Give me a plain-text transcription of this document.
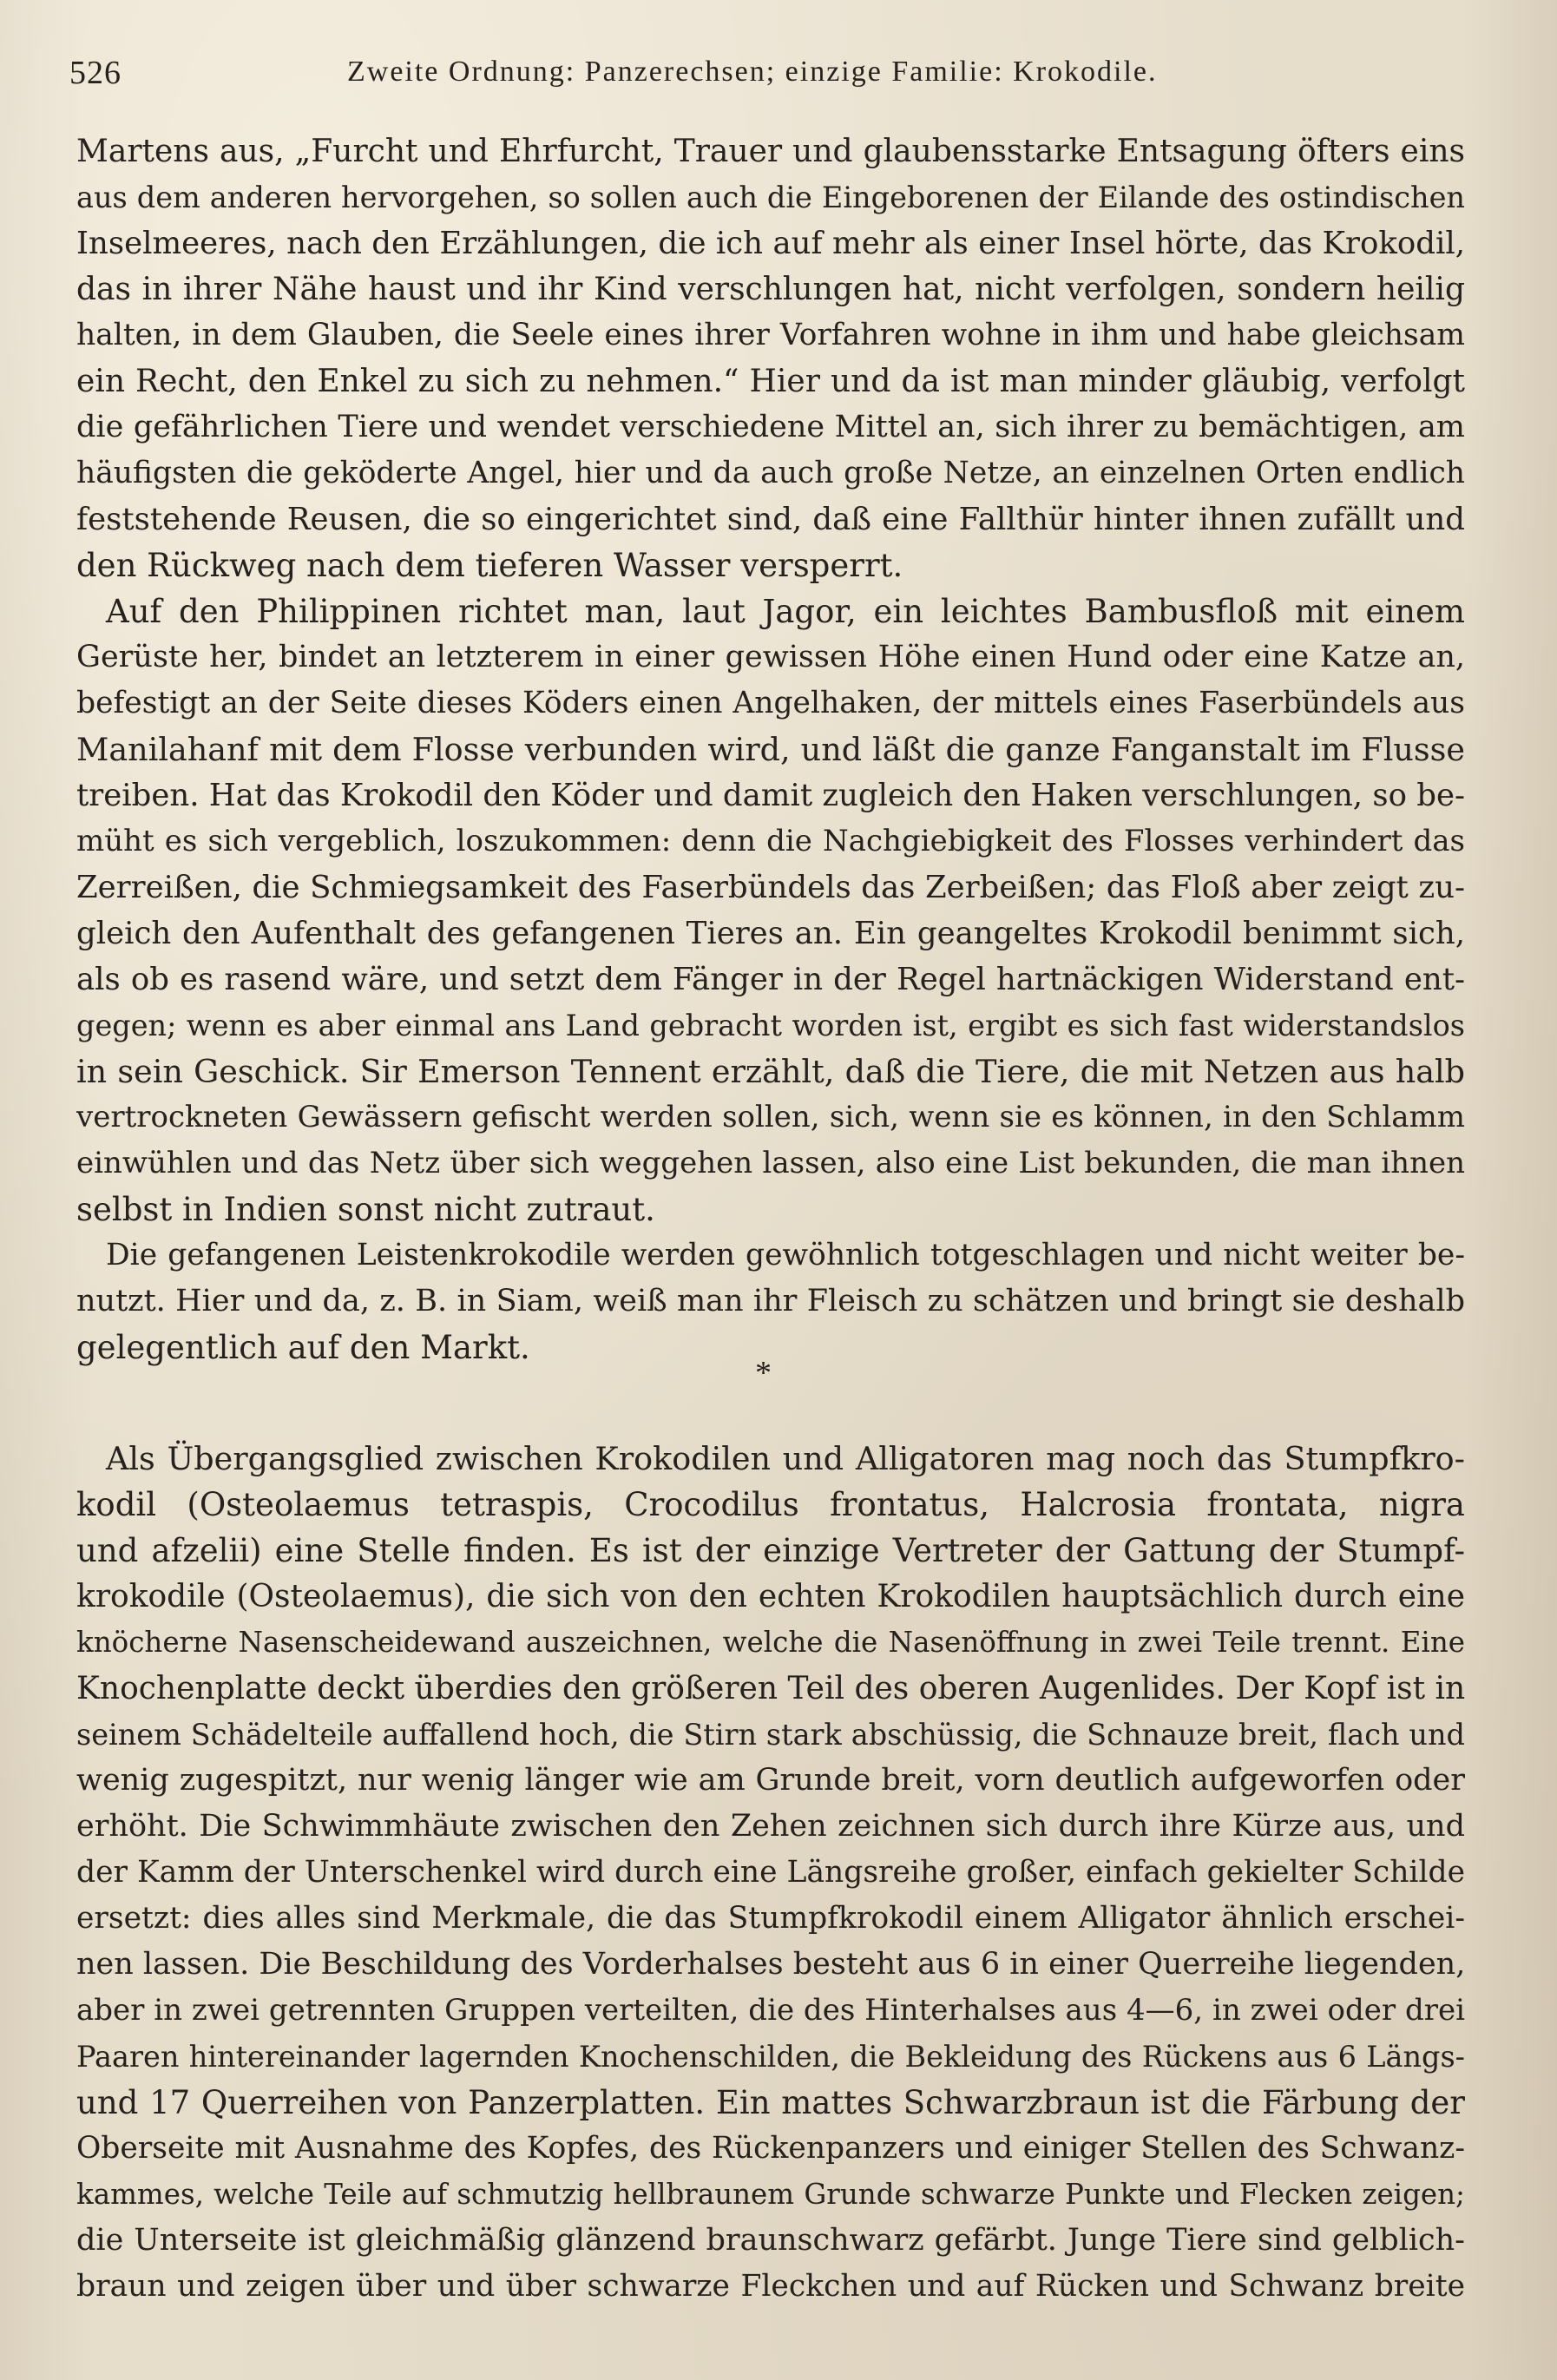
526	Zweite Ordnung: Panzerechsen; einzige Familie: Krokodile.
Martens aus, „Furcht und Ehrfurcht, Trauer und glaubensstarke Entsagung öfters eins
aus dem anderen hervorgehen, so sollen auch die Eingeborenen der Eilande des ostindischen
Inselmeeres, nach den Erzählungen, die ich auf mehr als einer Insel hörte, das Krokodil,
das in ihrer Nähe haust und ihr Kind verschlungen hat, nicht verfolgen, sondern heilig
halten, in dem Glauben, die Seele eines ihrer Vorfahren wohne in ihm und habe gleichsam
ein Recht, den Enkel zu sich zu nehmen.“ Hier und da ist man minder gläubig, verfolgt
die gefährlichen Tiere und wendet verschiedene Mittel an, sich ihrer zu bemächtigen, am
häufigsten die geköderte Angel, hier und da auch große Netze, an einzelnen Orten endlich
feststehende Reusen, die so eingerichtet sind, daß eine Fallthür hinter ihnen zufällt und
den Rückweg nach dem tieferen Wasser versperrt.
Auf den Philippinen richtet man, laut Jagor, ein leichtes Bambusfloß mit einem
Gerüste her, bindet an letzterem in einer gewissen Höhe einen Hund oder eine Katze an,
befestigt an der Seite dieses Köders einen Angelhaken, der mittels eines Faserbündels aus
Manilahanf mit dem Flosse verbunden wird, und läßt die ganze Fanganstalt im Flusse
treiben. Hat das Krokodil den Köder und damit zugleich den Haken verschlungen, so be-
müht es sich vergeblich, loszukommen: denn die Nachgiebigkeit des Flosses verhindert das
Zerreißen, die Schmiegsamkeit des Faserbündels das Zerbeißen; das Floß aber zeigt zu-
gleich den Aufenthalt des gefangenen Tieres an. Ein geangeltes Krokodil benimmt sich,
als ob es rasend wäre, und setzt dem Fänger in der Regel hartnäckigen Widerstand ent-
gegen; wenn es aber einmal ans Land gebracht worden ist, ergibt es sich fast widerstandslos
in sein Geschick. Sir Emerson Tennent erzählt, daß die Tiere, die mit Netzen aus halb
vertrockneten Gewässern gefischt werden sollen, sich, wenn sie es können, in den Schlamm
einwühlen und das Netz über sich weggehen lassen, also eine List bekunden, die man ihnen
selbst in Indien sonst nicht zutraut.
Die gefangenen Leistenkrokodile werden gewöhnlich totgeschlagen und nicht weiter be-
nutzt. Hier und da, z. B. in Siam, weiß man ihr Fleisch zu schätzen und bringt sie deshalb
gelegentlich auf den Markt.
*
Als Übergangsglied zwischen Krokodilen und Alligatoren mag noch das Stumpfkro-
kodil (Osteolaemus tetraspis, Crocodilus frontatus, Halcrosia frontata, nigra
und afzelii) eine Stelle finden. Es ist der einzige Vertreter der Gattung der Stumpf-
krokodile (Osteolaemus), die sich von den echten Krokodilen hauptsächlich durch eine
knöcherne Nasenscheidewand auszeichnen, welche die Nasenöffnung in zwei Teile trennt. Eine
Knochenplatte deckt überdies den größeren Teil des oberen Augenlides. Der Kopf ist in
seinem Schädelteile auffallend hoch, die Stirn stark abschüssig, die Schnauze breit, flach und
wenig zugespitzt, nur wenig länger wie am Grunde breit, vorn deutlich aufgeworfen oder
erhöht. Die Schwimmhäute zwischen den Zehen zeichnen sich durch ihre Kürze aus, und
der Kamm der Unterschenkel wird durch eine Längsreihe großer, einfach gekielter Schilde
ersetzt: dies alles sind Merkmale, die das Stumpfkrokodil einem Alligator ähnlich erschei-
nen lassen. Die Beschildung des Vorderhalses besteht aus 6 in einer Querreihe liegenden,
aber in zwei getrennten Gruppen verteilten, die des Hinterhalses aus 4—6, in zwei oder drei
Paaren hintereinander lagernden Knochenschilden, die Bekleidung des Rückens aus 6 Längs-
und 17 Querreihen von Panzerplatten. Ein mattes Schwarzbraun ist die Färbung der
Oberseite mit Ausnahme des Kopfes, des Rückenpanzers und einiger Stellen des Schwanz-
kammes, welche Teile auf schmutzig hellbraunem Grunde schwarze Punkte und Flecken zeigen;
die Unterseite ist gleichmäßig glänzend braunschwarz gefärbt. Junge Tiere sind gelblich-
braun und zeigen über und über schwarze Fleckchen und auf Rücken und Schwanz breite
